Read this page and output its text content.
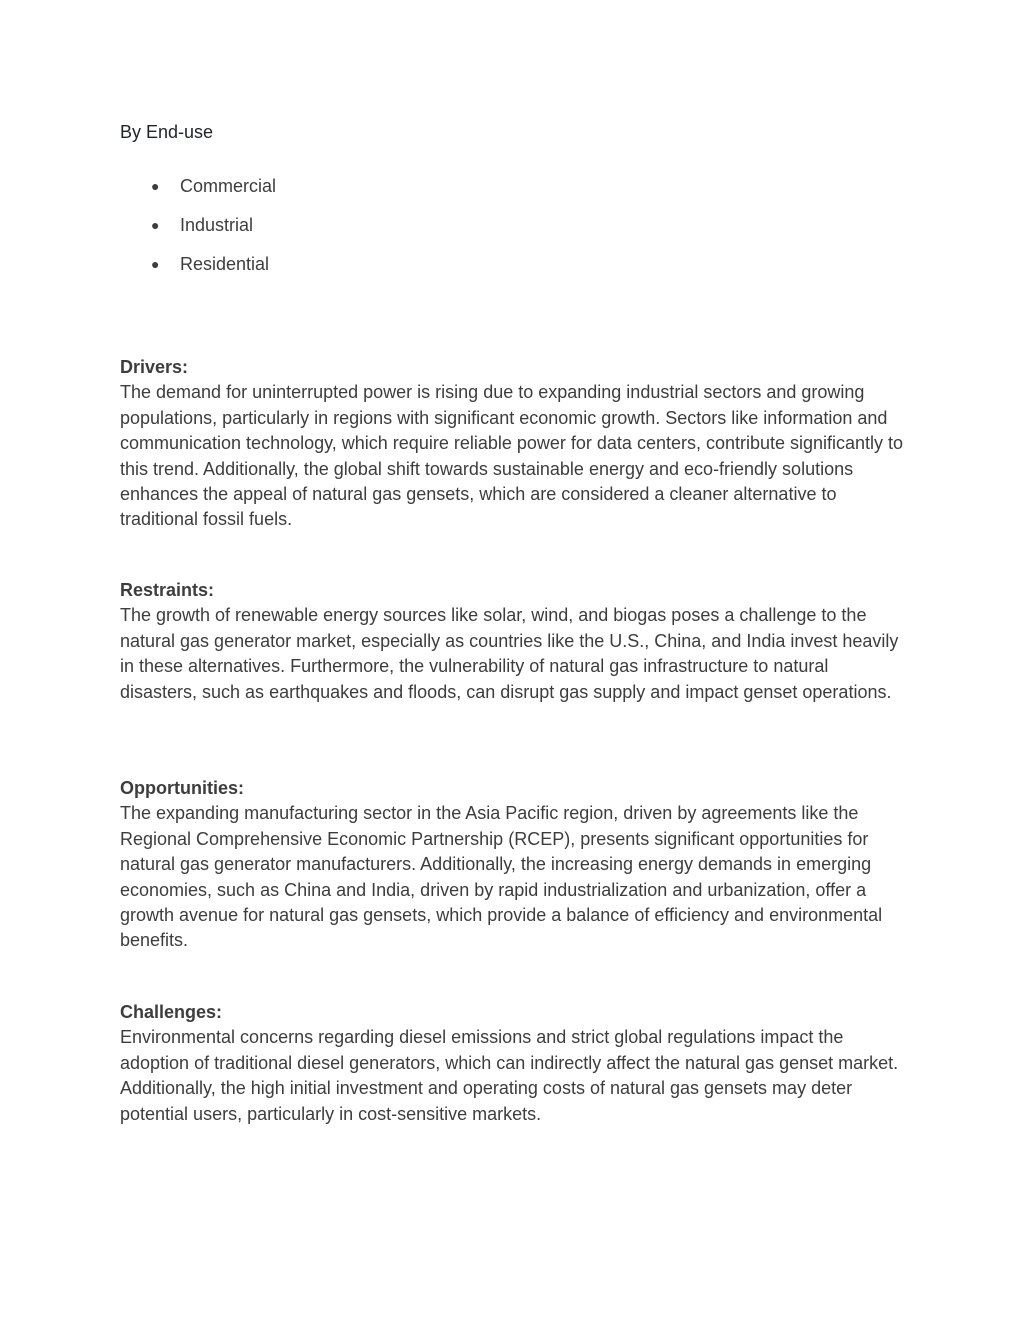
By End-use

● Commercial
● Industrial
● Residential

Drivers:

The demand for uninterrupted power is rising due to expanding industrial sectors and growing populations, particularly in regions with significant economic growth. Sectors like information and communication technology, which require reliable power for data centers, contribute significantly to this trend. Additionally, the global shift towards sustainable energy and eco-friendly solutions enhances the appeal of natural gas gensets, which are considered a cleaner alternative to traditional fossil fuels.

Restraints:

The growth of renewable energy sources like solar, wind, and biogas poses a challenge to the natural gas generator market, especially as countries like the U.S., China, and India invest heavily in these alternatives. Furthermore, the vulnerability of natural gas infrastructure to natural disasters, such as earthquakes and floods, can disrupt gas supply and impact genset operations.

Opportunities:

The expanding manufacturing sector in the Asia Pacific region, driven by agreements like the Regional Comprehensive Economic Partnership (RCEP), presents significant opportunities for natural gas generator manufacturers. Additionally, the increasing energy demands in emerging economies, such as China and India, driven by rapid industrialization and urbanization, offer a growth avenue for natural gas gensets, which provide a balance of efficiency and environmental benefits.

Challenges:

Environmental concerns regarding diesel emissions and strict global regulations impact the adoption of traditional diesel generators, which can indirectly affect the natural gas genset market. Additionally, the high initial investment and operating costs of natural gas gensets may deter potential users, particularly in cost-sensitive markets.
